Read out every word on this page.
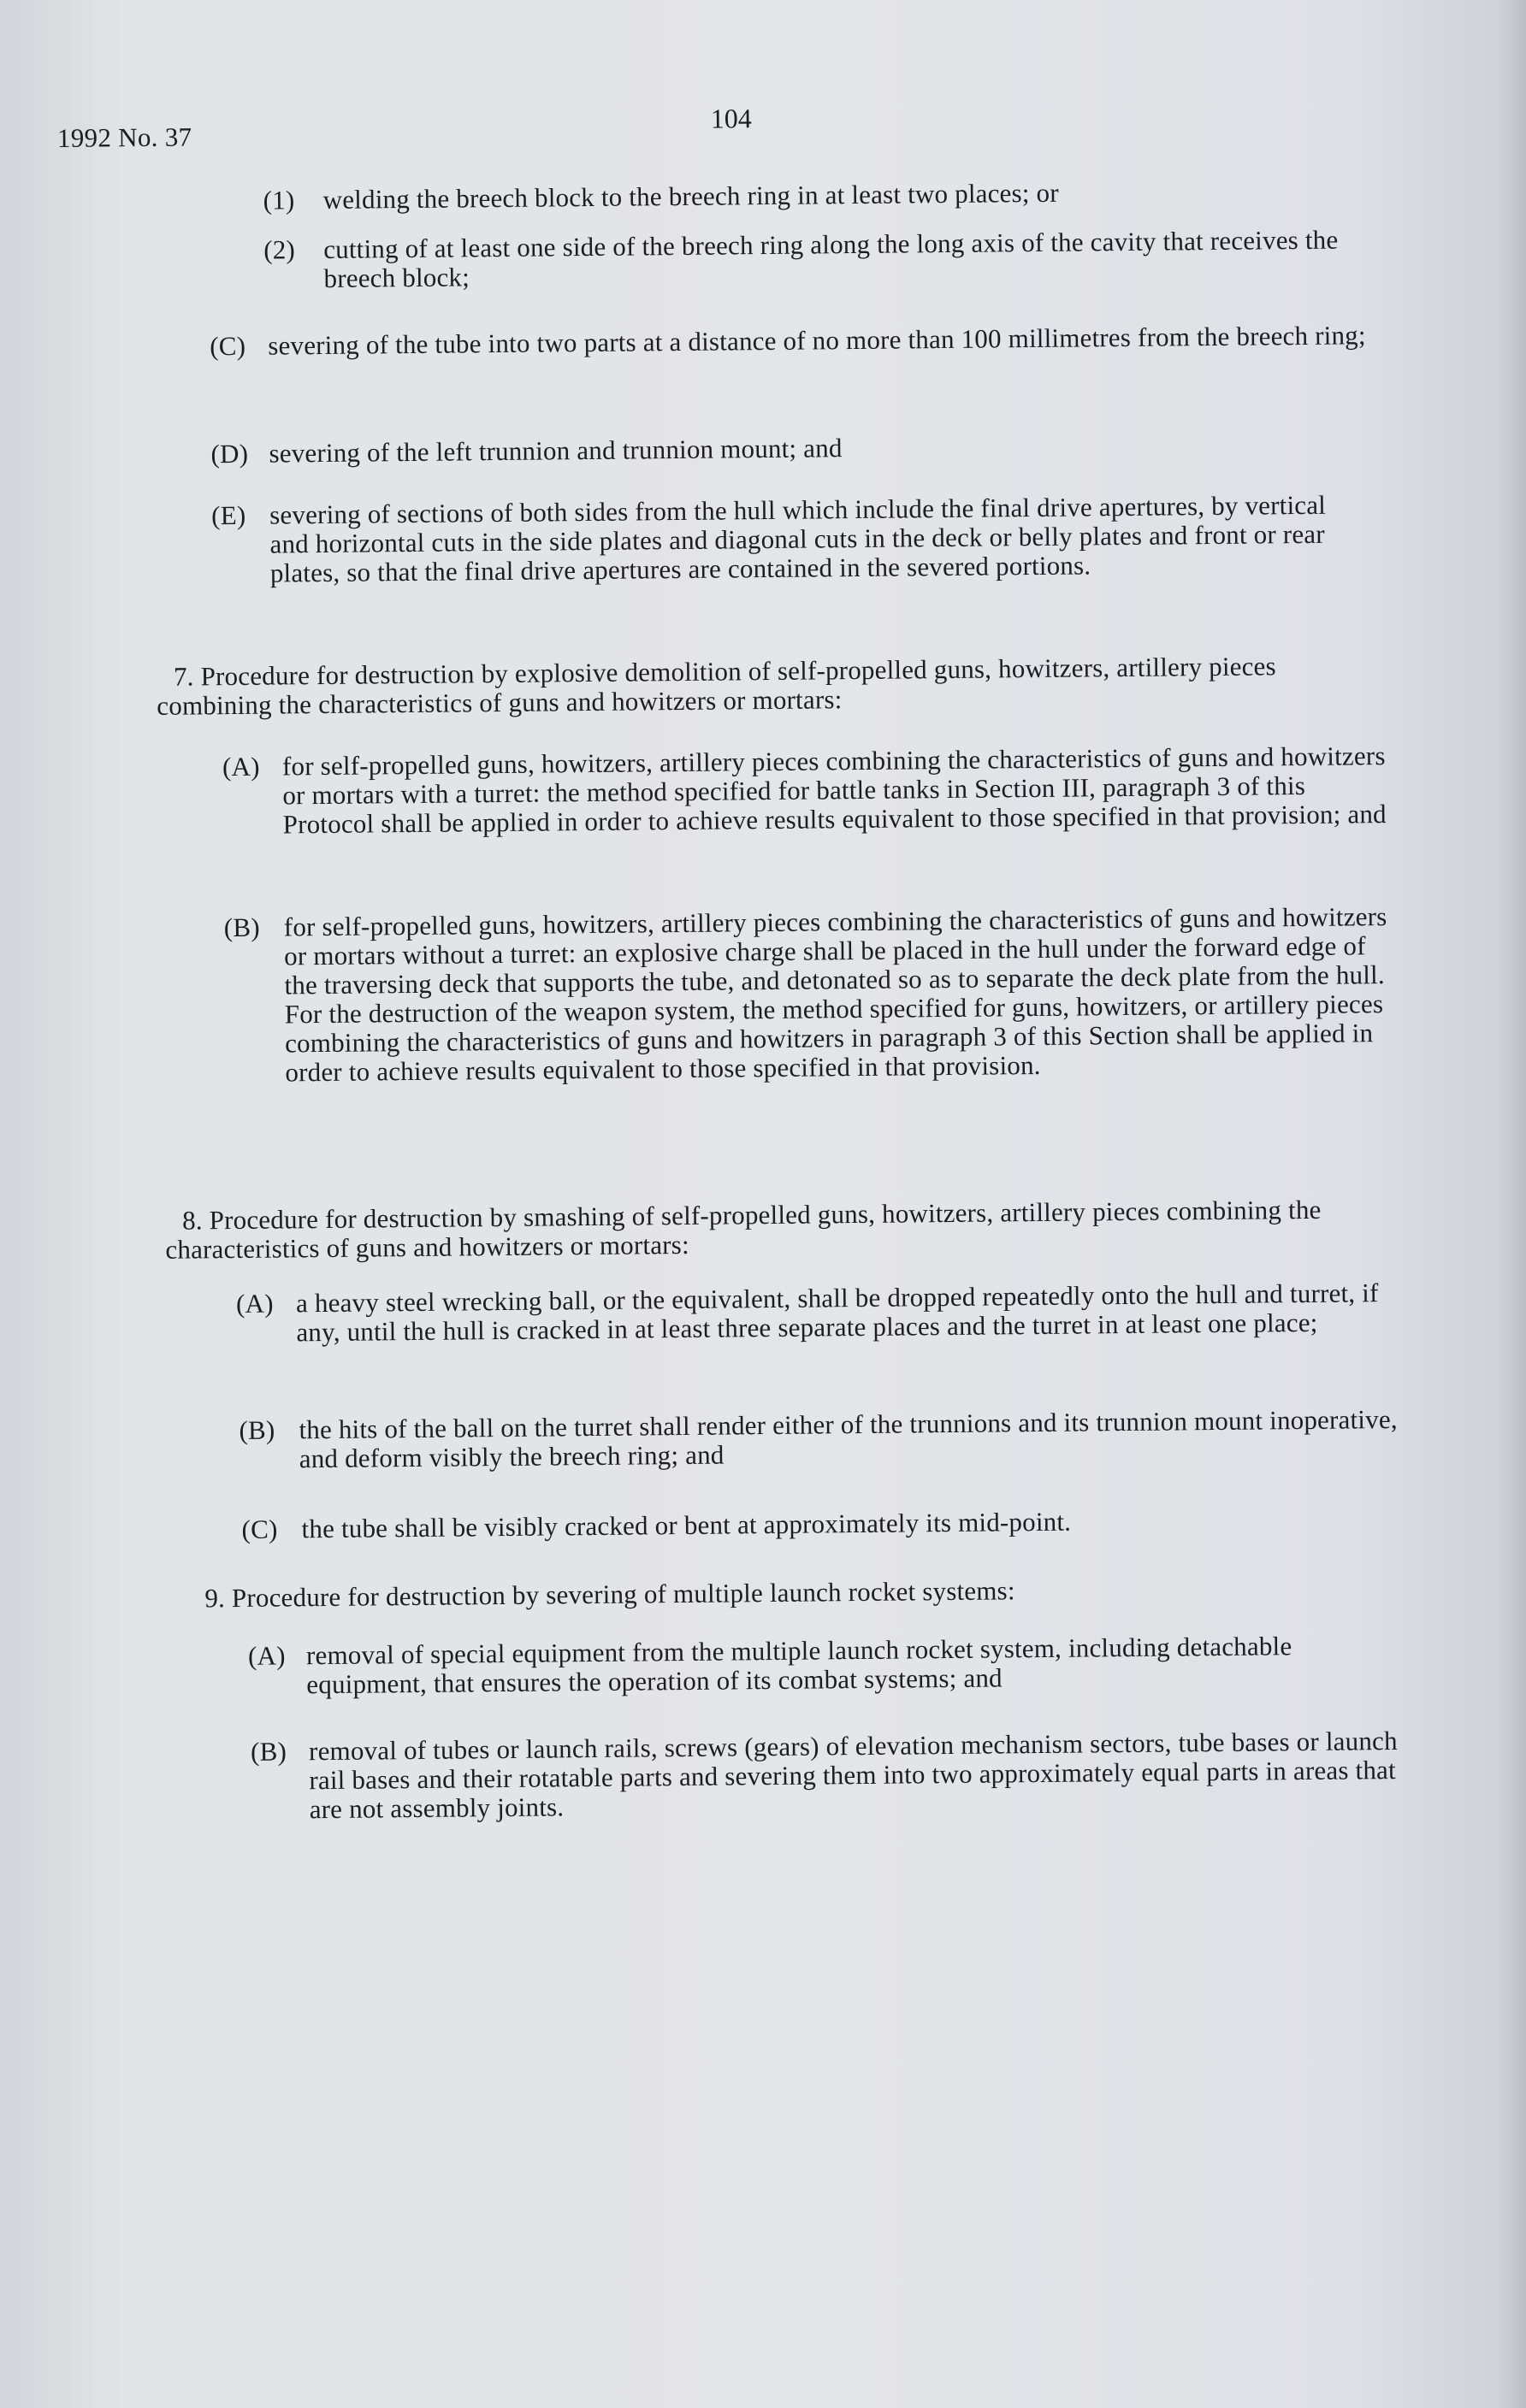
1992 No. 37
104
(1) welding the breech block to the breech ring in at least two places; or
(2) cutting of at least one side of the breech ring along the long axis of the cavity that receives the breech block;
(C) severing of the tube into two parts at a distance of no more than 100 millimetres from the breech ring;
(D) severing of the left trunnion and trunnion mount; and
(E) severing of sections of both sides from the hull which include the final drive apertures, by vertical and horizontal cuts in the side plates and diagonal cuts in the deck or belly plates and front or rear plates, so that the final drive apertures are contained in the severed portions.
7. Procedure for destruction by explosive demolition of self-propelled guns, howitzers, artillery pieces combining the characteristics of guns and howitzers or mortars:
(A) for self-propelled guns, howitzers, artillery pieces combining the characteristics of guns and howitzers or mortars with a turret: the method specified for battle tanks in Section III, paragraph 3 of this Protocol shall be applied in order to achieve results equivalent to those specified in that provision; and
(B) for self-propelled guns, howitzers, artillery pieces combining the characteristics of guns and howitzers or mortars without a turret: an explosive charge shall be placed in the hull under the forward edge of the traversing deck that supports the tube, and detonated so as to separate the deck plate from the hull. For the destruction of the weapon system, the method specified for guns, howitzers, or artillery pieces combining the characteristics of guns and howitzers in paragraph 3 of this Section shall be applied in order to achieve results equivalent to those specified in that provision.
8. Procedure for destruction by smashing of self-propelled guns, howitzers, artillery pieces combining the characteristics of guns and howitzers or mortars:
(A) a heavy steel wrecking ball, or the equivalent, shall be dropped repeatedly onto the hull and turret, if any, until the hull is cracked in at least three separate places and the turret in at least one place;
(B) the hits of the ball on the turret shall render either of the trunnions and its trunnion mount inoperative, and deform visibly the breech ring; and
(C) the tube shall be visibly cracked or bent at approximately its mid-point.
9. Procedure for destruction by severing of multiple launch rocket systems:
(A) removal of special equipment from the multiple launch rocket system, including detachable equipment, that ensures the operation of its combat systems; and
(B) removal of tubes or launch rails, screws (gears) of elevation mechanism sectors, tube bases or launch rail bases and their rotatable parts and severing them into two approximately equal parts in areas that are not assembly joints.
